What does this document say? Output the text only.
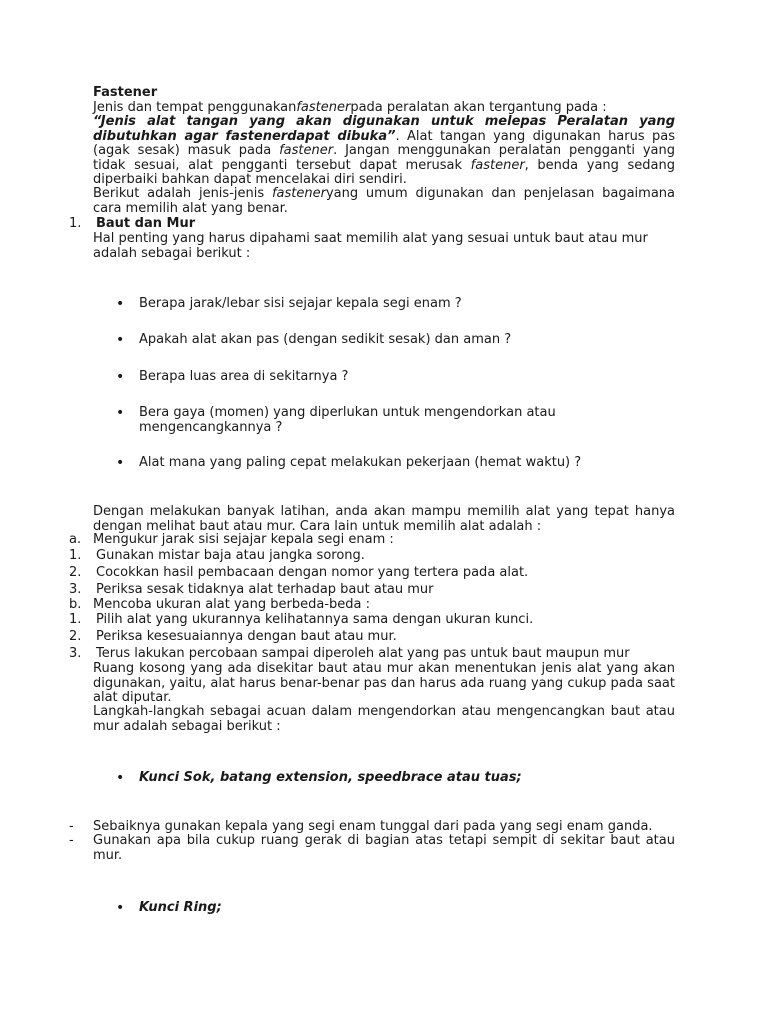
Fastener
Jenis dan tempat penggunakanfastenerpada peralatan akan tergantung pada :
“Jenis alat tangan yang akan digunakan untuk melepas Peralatan yang dibutuhkan agar fastenerdapat dibuka”. Alat tangan yang digunakan harus pas (agak sesak) masuk pada fastener. Jangan menggunakan peralatan pengganti yang tidak sesuai, alat pengganti tersebut dapat merusak fastener, benda yang sedang diperbaiki bahkan dapat mencelakai diri sendiri.
Berikut adalah jenis-jenis fasteneryang umum digunakan dan penjelasan bagaimana cara memilih alat yang benar.
1. Baut dan Mur
Hal penting yang harus dipahami saat memilih alat yang sesuai untuk baut atau mur adalah sebagai berikut :
• Berapa jarak/lebar sisi sejajar kepala segi enam ?
• Apakah alat akan pas (dengan sedikit sesak) dan aman ?
• Berapa luas area di sekitarnya ?
• Bera gaya (momen) yang diperlukan untuk mengendorkan atau mengencangkannya ?
• Alat mana yang paling cepat melakukan pekerjaan (hemat waktu) ?
Dengan melakukan banyak latihan, anda akan mampu memilih alat yang tepat hanya dengan melihat baut atau mur. Cara lain untuk memilih alat adalah :
a. Mengukur jarak sisi sejajar kepala segi enam :
1. Gunakan mistar baja atau jangka sorong.
2. Cocokkan hasil pembacaan dengan nomor yang tertera pada alat.
3. Periksa sesak tidaknya alat terhadap baut atau mur
b. Mencoba ukuran alat yang berbeda-beda :
1. Pilih alat yang ukurannya kelihatannya sama dengan ukuran kunci.
2. Periksa kesesuaiannya dengan baut atau mur.
3. Terus lakukan percobaan sampai diperoleh alat yang pas untuk baut maupun mur
Ruang kosong yang ada disekitar baut atau mur akan menentukan jenis alat yang akan digunakan, yaitu, alat harus benar-benar pas dan harus ada ruang yang cukup pada saat alat diputar.
Langkah-langkah sebagai acuan dalam mengendorkan atau mengencangkan baut atau mur adalah sebagai berikut :
• Kunci Sok, batang extension, speedbrace atau tuas;
- Sebaiknya gunakan kepala yang segi enam tunggal dari pada yang segi enam ganda.
- Gunakan apa bila cukup ruang gerak di bagian atas tetapi sempit di sekitar baut atau mur.
• Kunci Ring;
